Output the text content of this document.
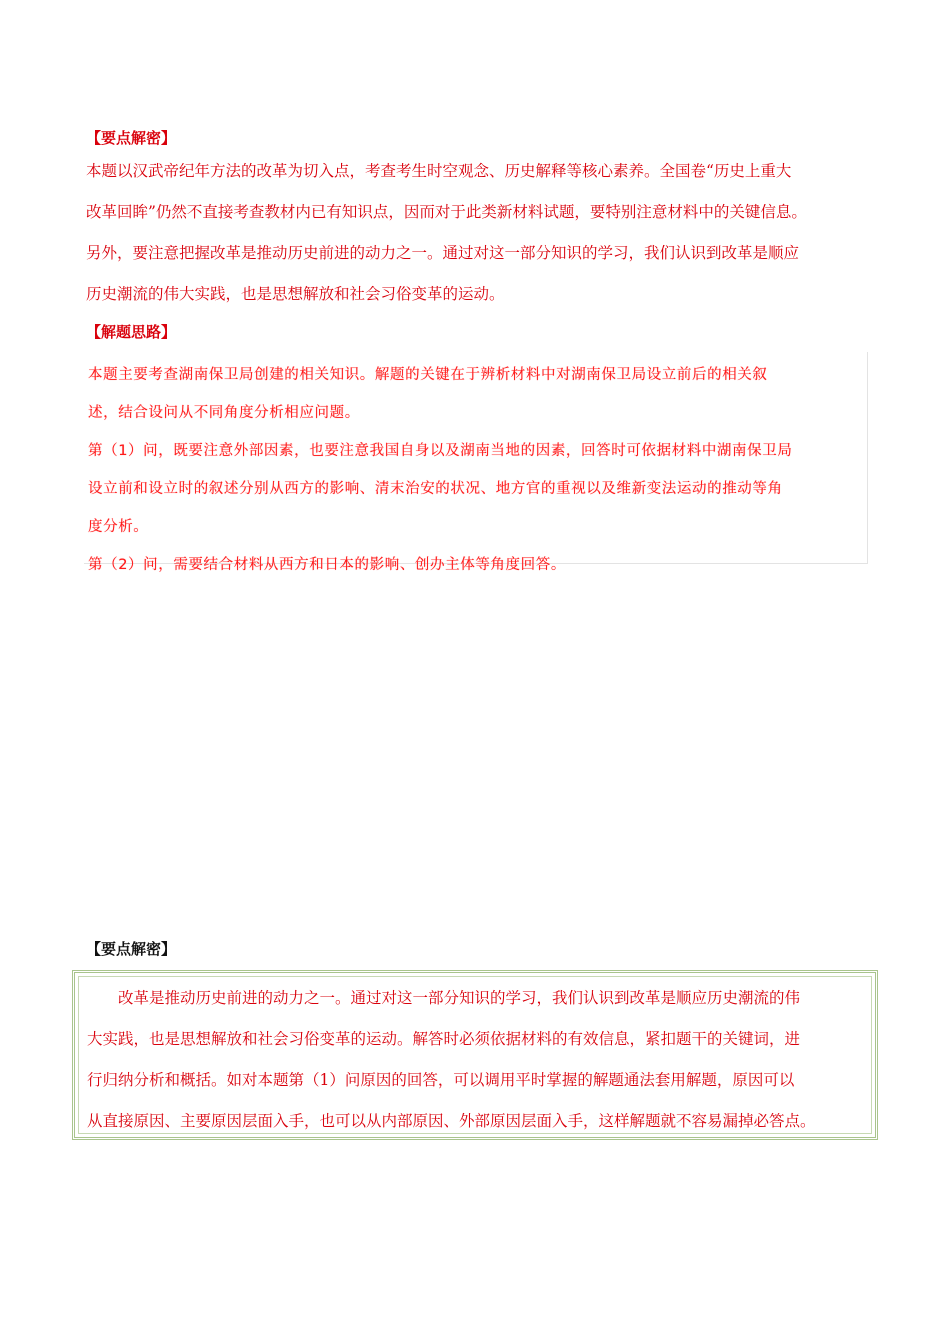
【要点解密】
本题以汉武帝纪年方法的改革为切入点，考查考生时空观念、历史解释等核心素养。全国卷“历史上重大
改革回眸”仍然不直接考查教材内已有知识点，因而对于此类新材料试题，要特别注意材料中的关键信息。
另外，要注意把握改革是推动历史前进的动力之一。通过对这一部分知识的学习，我们认识到改革是顺应
历史潮流的伟大实践，也是思想解放和社会习俗变革的运动。
【解题思路】
本题主要考查湖南保卫局创建的相关知识。解题的关键在于辨析材料中对湖南保卫局设立前后的相关叙
述，结合设问从不同角度分析相应问题。
第（1）问，既要注意外部因素，也要注意我国自身以及湖南当地的因素，回答时可依据材料中湖南保卫局
设立前和设立时的叙述分别从西方的影响、清末治安的状况、地方官的重视以及维新变法运动的推动等角
度分析。
第（2）问，需要结合材料从西方和日本的影响、创办主体等角度回答。
【要点解密】
改革是推动历史前进的动力之一。通过对这一部分知识的学习，我们认识到改革是顺应历史潮流的伟
大实践，也是思想解放和社会习俗变革的运动。解答时必须依据材料的有效信息，紧扣题干的关键词，进
行归纳分析和概括。如对本题第（1）问原因的回答，可以调用平时掌握的解题通法套用解题，原因可以
从直接原因、主要原因层面入手，也可以从内部原因、外部原因层面入手，这样解题就不容易漏掉必答点。
